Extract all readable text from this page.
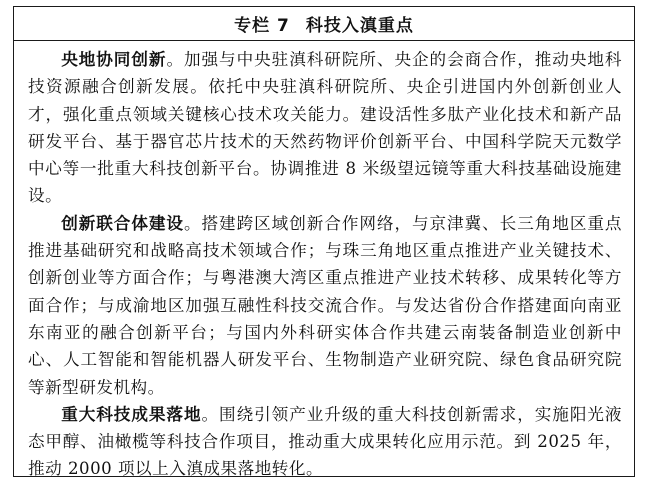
专栏 7 科技入滇重点

央地协同创新。加强与中央驻滇科研院所、央企的会商合作，推动央地科技资源融合创新发展。依托中央驻滇科研院所、央企引进国内外创新创业人才，强化重点领域关键核心技术攻关能力。建设活性多肽产业化技术和新产品研发平台、基于器官芯片技术的天然药物评价创新平台、中国科学院天元数学中心等一批重大科技创新平台。协调推进 8 米级望远镜等重大科技基础设施建设。

创新联合体建设。搭建跨区域创新合作网络，与京津冀、长三角地区重点推进基础研究和战略高技术领域合作；与珠三角地区重点推进产业关键技术、创新创业等方面合作；与粤港澳大湾区重点推进产业技术转移、成果转化等方面合作；与成渝地区加强互融性科技交流合作。与发达省份合作搭建面向南亚东南亚的融合创新平台；与国内外科研实体合作共建云南装备制造业创新中心、人工智能和智能机器人研发平台、生物制造产业研究院、绿色食品研究院等新型研发机构。

重大科技成果落地。围绕引领产业升级的重大科技创新需求，实施阳光液态甲醇、油橄榄等科技合作项目，推动重大成果转化应用示范。到 2025 年，推动 2000 项以上入滇成果落地转化。
